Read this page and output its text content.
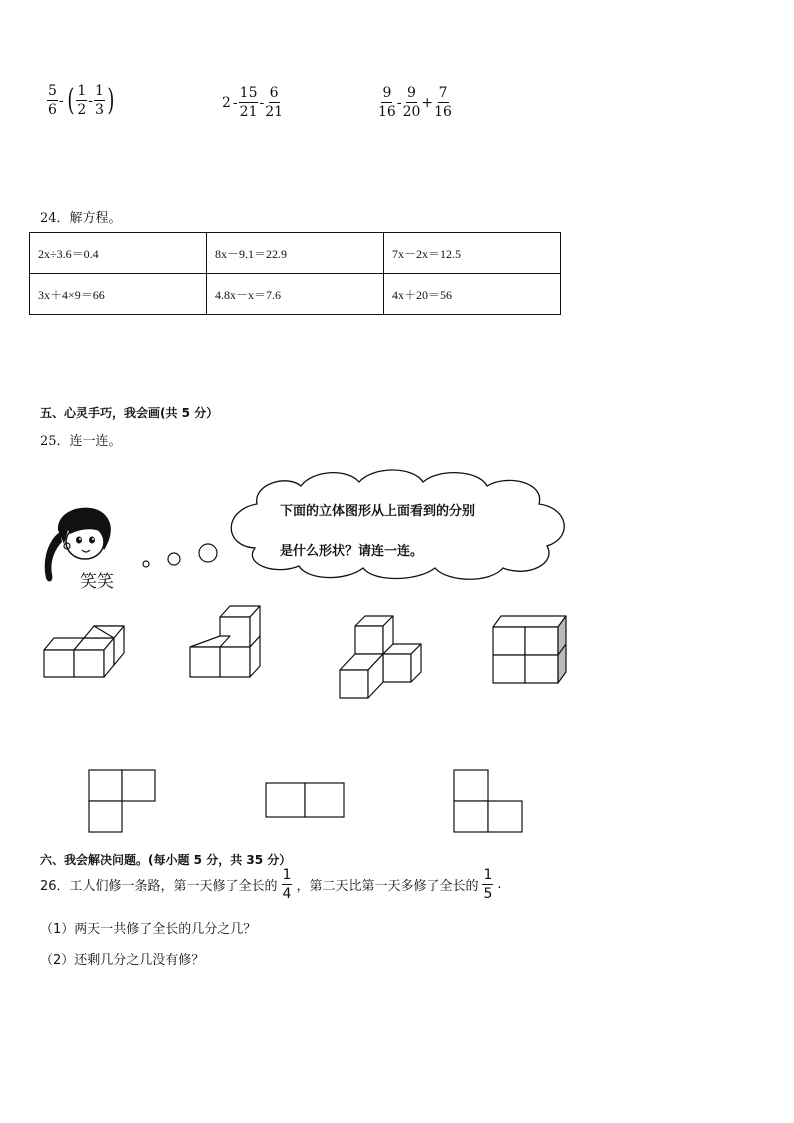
$\frac{5}{6}$ - ( $\frac{1}{2} - \frac{1}{3}$ )	$2 - \frac{15}{21} - \frac{6}{21}$	$\frac{9}{16} - \frac{9}{20} + \frac{7}{16}$
24．解方程。
2x÷3.6＝0.4	8x－9.1＝22.9	7x－2x＝12.5
3x＋4×9＝66	4.8x－x＝7.6	4x＋20＝56
五、心灵手巧，我会画(共 5 分）
25．连一连。
笑笑
下面的立体图形从上面看到的分别
是什么形状？请连一连。
六、我会解决问题。(每小题 5 分，共 35 分）
26．工人们修一条路，第一天修了全长的 $\frac{1}{4}$ ，第二天比第一天多修了全长的 $\frac{1}{5}$ .
（1）两天一共修了全长的几分之几？
（2）还剩几分之几没有修？
